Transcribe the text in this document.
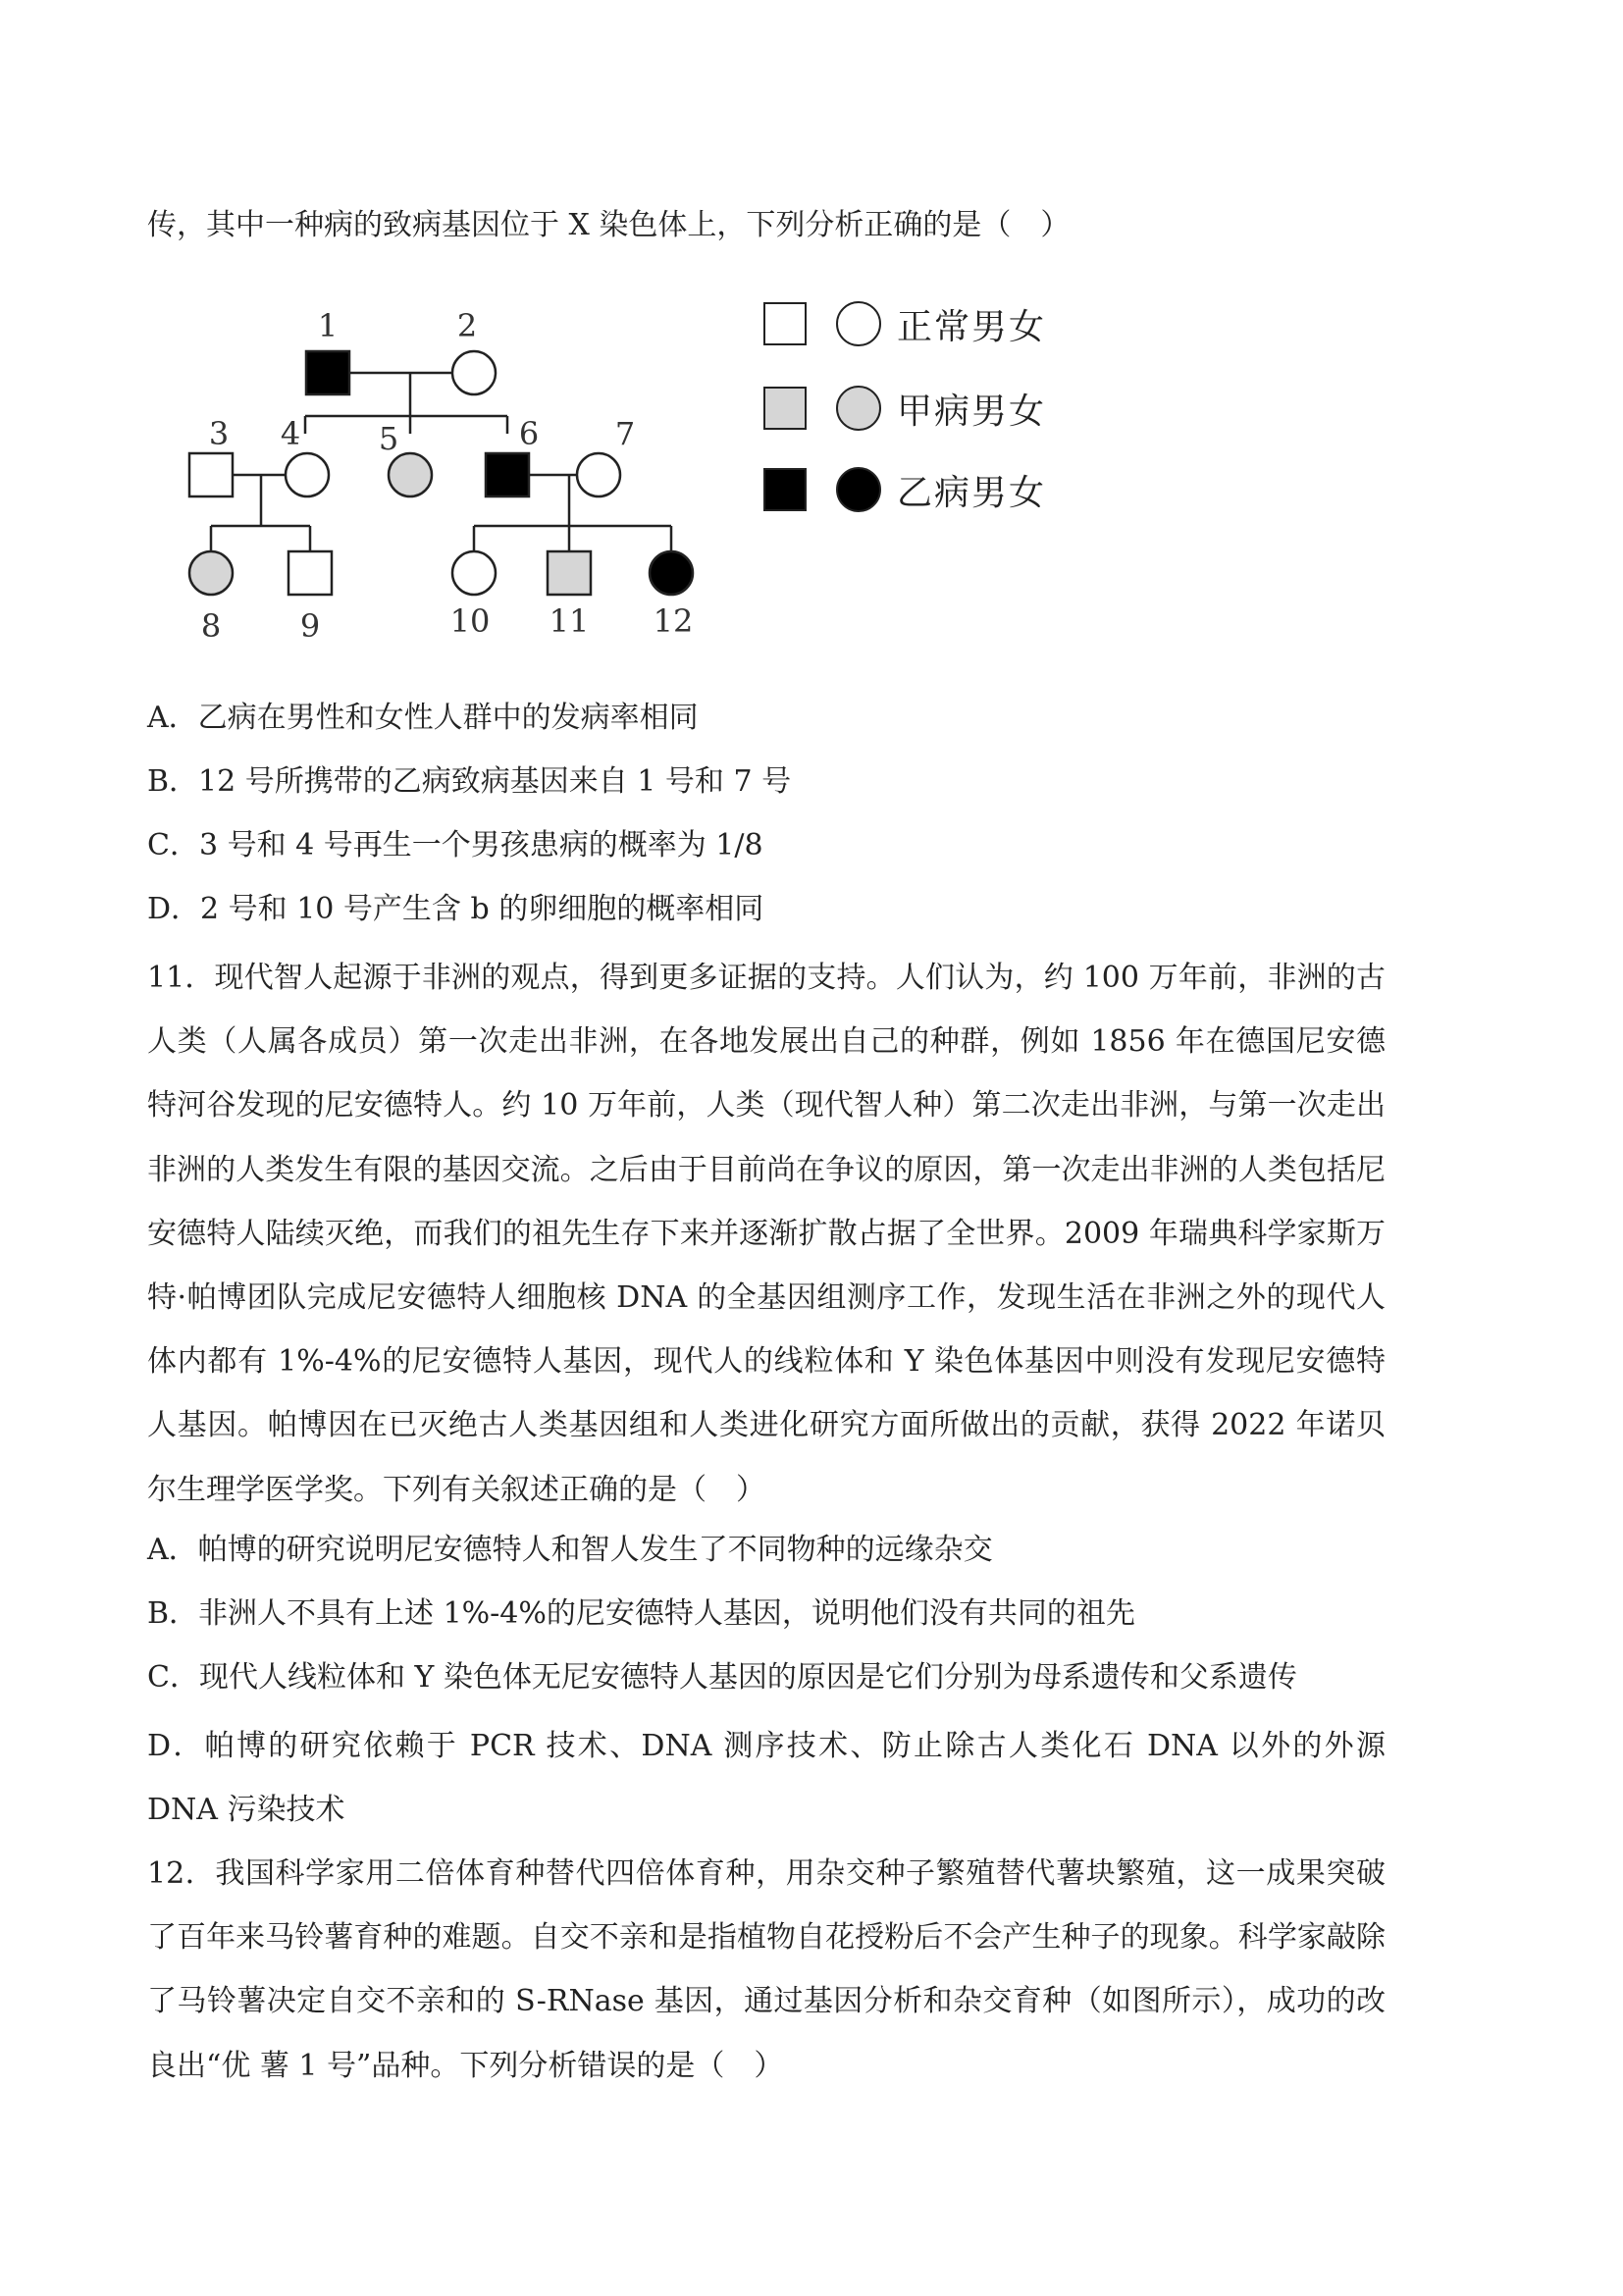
传，其中一种病的致病基因位于 X 染色体上，下列分析正确的是（　）
1	2
3 4 5	6 7
8	9	10 11 12
正常男女
甲病男女
乙病男女
A．乙病在男性和女性人群中的发病率相同
B．12 号所携带的乙病致病基因来自 1 号和 7 号
C．3 号和 4 号再生一个男孩患病的概率为 1/8
D．2 号和 10 号产生含 b 的卵细胞的概率相同
11．现代智人起源于非洲的观点，得到更多证据的支持。人们认为，约 100 万年前，非洲的古人类（人属各成员）第一次走出非洲，在各地发展出自己的种群，例如 1856 年在德国尼安德特河谷发现的尼安德特人。约 10 万年前，人类（现代智人种）第二次走出非洲，与第一次走出非洲的人类发生有限的基因交流。之后由于目前尚在争议的原因，第一次走出非洲的人类包括尼安德特人陆续灭绝，而我们的祖先生存下来并逐渐扩散占据了全世界。2009 年瑞典科学家斯万特·帕博团队完成尼安德特人细胞核 DNA 的全基因组测序工作，发现生活在非洲之外的现代人体内都有 1%-4%的尼安德特人基因，现代人的线粒体和 Y 染色体基因中则没有发现尼安德特人基因。帕博因在已灭绝古人类基因组和人类进化研究方面所做出的贡献，获得 2022 年诺贝尔生理学医学奖。下列有关叙述正确的是（　）
A．帕博的研究说明尼安德特人和智人发生了不同物种的远缘杂交
B．非洲人不具有上述 1%-4%的尼安德特人基因，说明他们没有共同的祖先
C．现代人线粒体和 Y 染色体无尼安德特人基因的原因是它们分别为母系遗传和父系遗传
D．帕博的研究依赖于 PCR 技术、DNA 测序技术、防止除古人类化石 DNA 以外的外源 DNA 污染技术
12．我国科学家用二倍体育种替代四倍体育种，用杂交种子繁殖替代薯块繁殖，这一成果突破了百年来马铃薯育种的难题。自交不亲和是指植物自花授粉后不会产生种子的现象。科学家敲除了马铃薯决定自交不亲和的 S-RNase 基因，通过基因分析和杂交育种（如图所示），成功的改良出“优 薯 1 号”品种。下列分析错误的是（　）
